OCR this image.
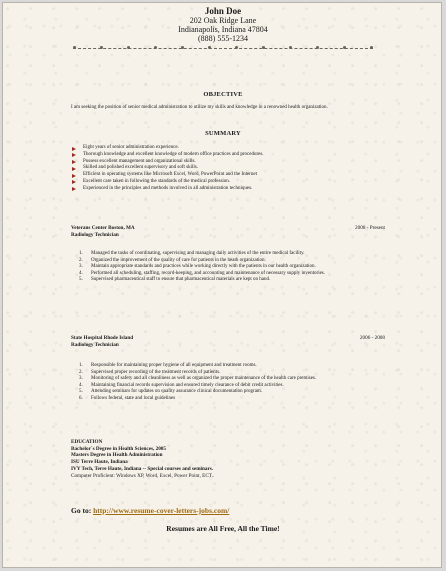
John Doe
202 Oak Ridge Lane
Indianapolis, Indiana 47804
(888) 555-1234
OBJECTIVE
I am seeking the position of senior medical administration to utilize my skills and knowledge in a renowned health organization.
SUMMARY
Eight years of senior administration experience.
Thorough knowledge and excellent knowledge of modern office practices and procedures.
Possess excellent management and organizational skills.
Skilled and polished excellent supervisory and soft skills.
Efficient in operating systems like Microsoft Excel, Word, PowerPoint and the Internet
Excellent care taken in following the standards of the medical profession.
Experienced in the principles and methods involved in all administration techniques.
Veterans Center Boston, MA
Radiology Technician
2008 - Present
1. Managed the tasks of coordinating, supervising and managing daily activities of the entire medical facility.
2. Organized the improvement of the quality of care for patients in the heath organization.
3. Maintain appropriate standards and practices while working directly with the patients in our health organization.
4. Performed all scheduling, staffing, record-keeping, and accounting and maintenance of necessary supply inventories.
5. Supervised pharmaceutical staff to ensure that pharmaceutical materials are kept on hand.
State Hospital Rhode Island
Radiology Technician
2006 - 2008
1. Responsible for maintaining proper hygiene of all equipment and treatment rooms.
2. Supervised proper recording of the treatment records of patients.
3. Monitoring of safety and all cleanliness as well as organized the proper maintenance of the health care premises.
4. Maintaining financial records supervision and ensured timely clearance of debit credit activities.
5. Attending seminars for updates on quality assurance clinical documentation program.
6. Follows federal, state and local guidelines
EDUCATION
Bachelor`s Degree in Health Sciences, 2005
Masters Degree in Health Administration
ISU Terre Haute, Indiana
IVY Tech, Terre Haute, Indiana -- Special courses and seminars.
Computer Proficient: Windows XP, Word, Excel, Power Point, ECT..
Go to: http://www.resume-cover-letters-jobs.com/
Resumes are All Free, All the Time!
